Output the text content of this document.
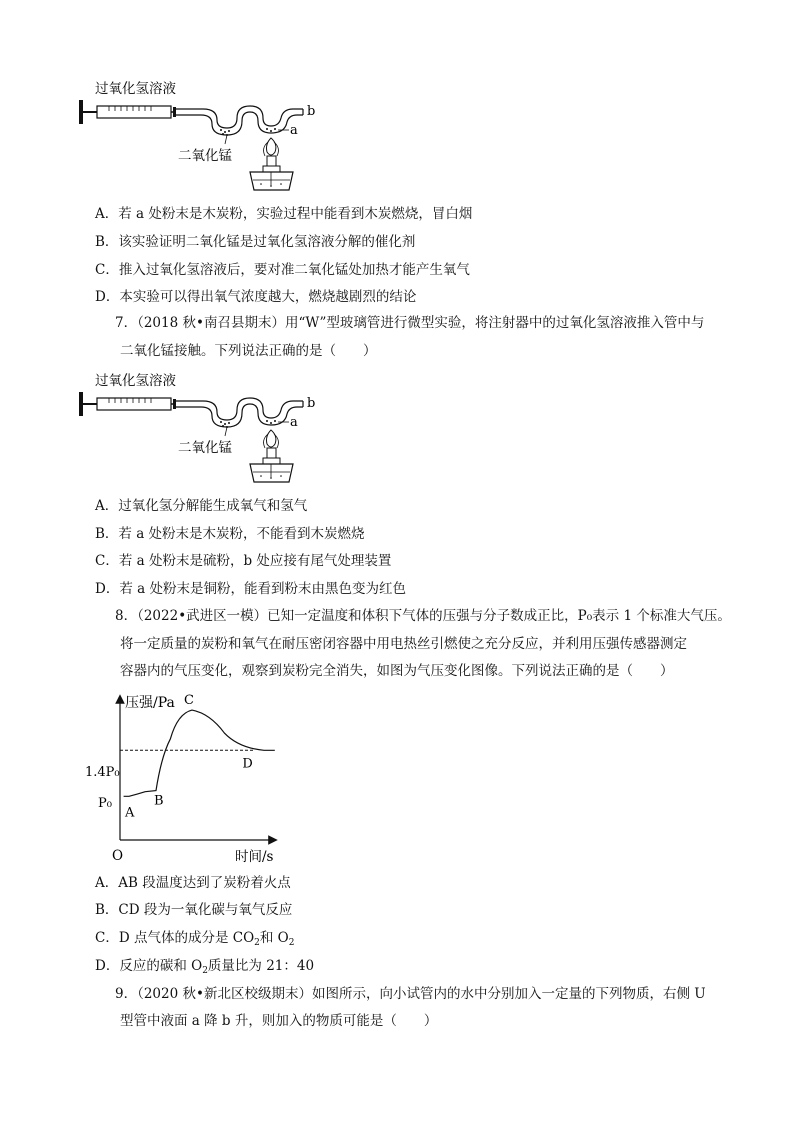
过氧化氢溶液
b
二氧化锰
a
A．若 a 处粉末是木炭粉，实验过程中能看到木炭燃烧，冒白烟
B．该实验证明二氧化锰是过氧化氢溶液分解的催化剂
C．推入过氧化氢溶液后，要对准二氧化锰处加热才能产生氧气
D．本实验可以得出氧气浓度越大，燃烧越剧烈的结论
7．（2018 秋•南召县期末）用“W”型玻璃管进行微型实验，将注射器中的过氧化氢溶液推入管中与
二氧化锰接触。下列说法正确的是（　　）
过氧化氢溶液
b
二氧化锰
a
A．过氧化氢分解能生成氧气和氢气
B．若 a 处粉末是木炭粉，不能看到木炭燃烧
C．若 a 处粉末是硫粉，b 处应接有尾气处理装置
D．若 a 处粉末是铜粉，能看到粉末由黑色变为红色
8．（2022•武进区一模）已知一定温度和体积下气体的压强与分子数成正比，P₀表示 1 个标准大气压。
将一定质量的炭粉和氧气在耐压密闭容器中用电热丝引燃使之充分反应，并利用压强传感器测定
容器内的气压变化，观察到炭粉完全消失，如图为气压变化图像。下列说法正确的是（　　）
压强/Pa
时间/s
O
1.4P₀
P₀
A
B
C
D
A．AB 段温度达到了炭粉着火点
B．CD 段为一氧化碳与氧气反应
C．D 点气体的成分是 $CO_2$和 $O_2$
D．反应的碳和 $O_2$质量比为 21：40
9．（2020 秋•新北区校级期末）如图所示，向小试管内的水中分别加入一定量的下列物质，右侧 U
型管中液面 a 降 b 升，则加入的物质可能是（　　）
